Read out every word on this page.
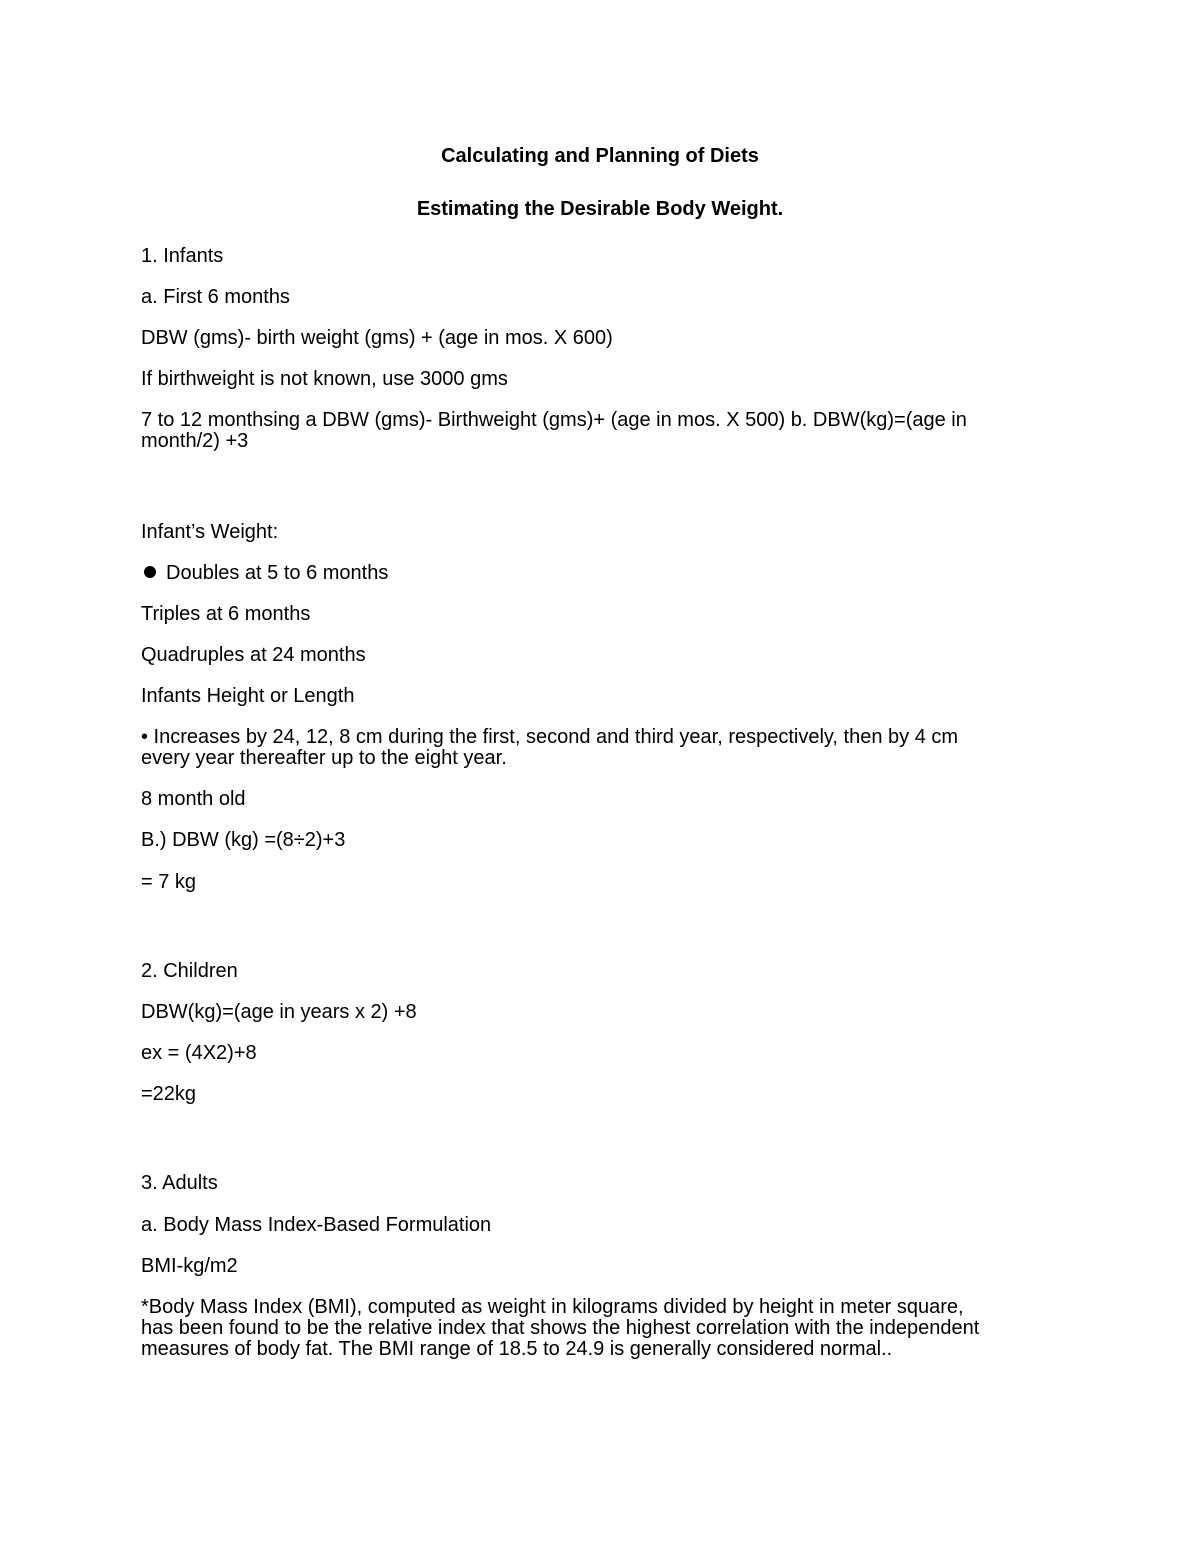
Calculating and Planning of Diets
Estimating the Desirable Body Weight.
1. Infants
a. First 6 months
DBW (gms)- birth weight (gms) + (age in mos. X 600)
If birthweight is not known, use 3000 gms
7 to 12 monthsing a DBW (gms)- Birthweight (gms)+ (age in mos. X 500) b. DBW(kg)=(age in
month/2) +3
Infant’s Weight:
Doubles at 5 to 6 months
Triples at 6 months
Quadruples at 24 months
Infants Height or Length
• Increases by 24, 12, 8 cm during the first, second and third year, respectively, then by 4 cm
every year thereafter up to the eight year.
8 month old
B.) DBW (kg) =(8÷2)+3
= 7 kg
2. Children
DBW(kg)=(age in years x 2) +8
ex = (4X2)+8
=22kg
3. Adults
a. Body Mass Index-Based Formulation
BMI-kg/m2
*Body Mass Index (BMI), computed as weight in kilograms divided by height in meter square,
has been found to be the relative index that shows the highest correlation with the independent
measures of body fat. The BMI range of 18.5 to 24.9 is generally considered normal..
